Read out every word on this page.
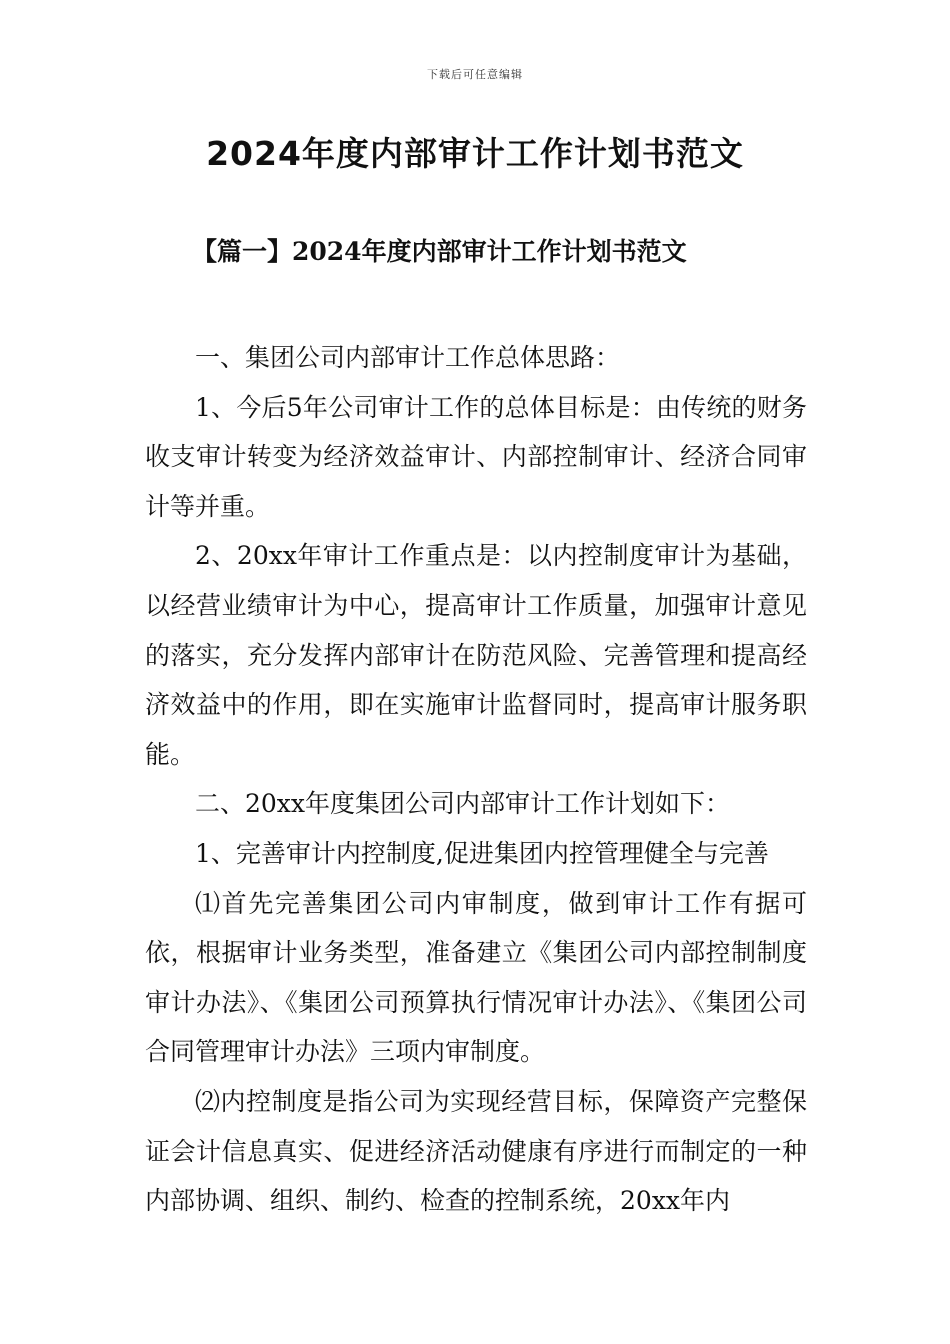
下载后可任意编辑
2024年度内部审计工作计划书范文
【篇一】2024年度内部审计工作计划书范文

一、集团公司内部审计工作总体思路：

1、今后5年公司审计工作的总体目标是：由传统的财务收支审计转变为经济效益审计、内部控制审计、经济合同审计等并重。

2、20xx年审计工作重点是：以内控制度审计为基础，以经营业绩审计为中心，提高审计工作质量，加强审计意见的落实，充分发挥内部审计在防范风险、完善管理和提高经济效益中的作用，即在实施审计监督同时，提高审计服务职能。

二、20xx年度集团公司内部审计工作计划如下：

1、完善审计内控制度,促进集团内控管理健全与完善

⑴首先完善集团公司内审制度，做到审计工作有据可依，根据审计业务类型，准备建立《集团公司内部控制制度审计办法》、《集团公司预算执行情况审计办法》、《集团公司合同管理审计办法》三项内审制度。

⑵内控制度是指公司为实现经营目标，保障资产完整保证会计信息真实、促进经济活动健康有序进行而制定的一种内部协调、组织、制约、检查的控制系统，20xx年内
